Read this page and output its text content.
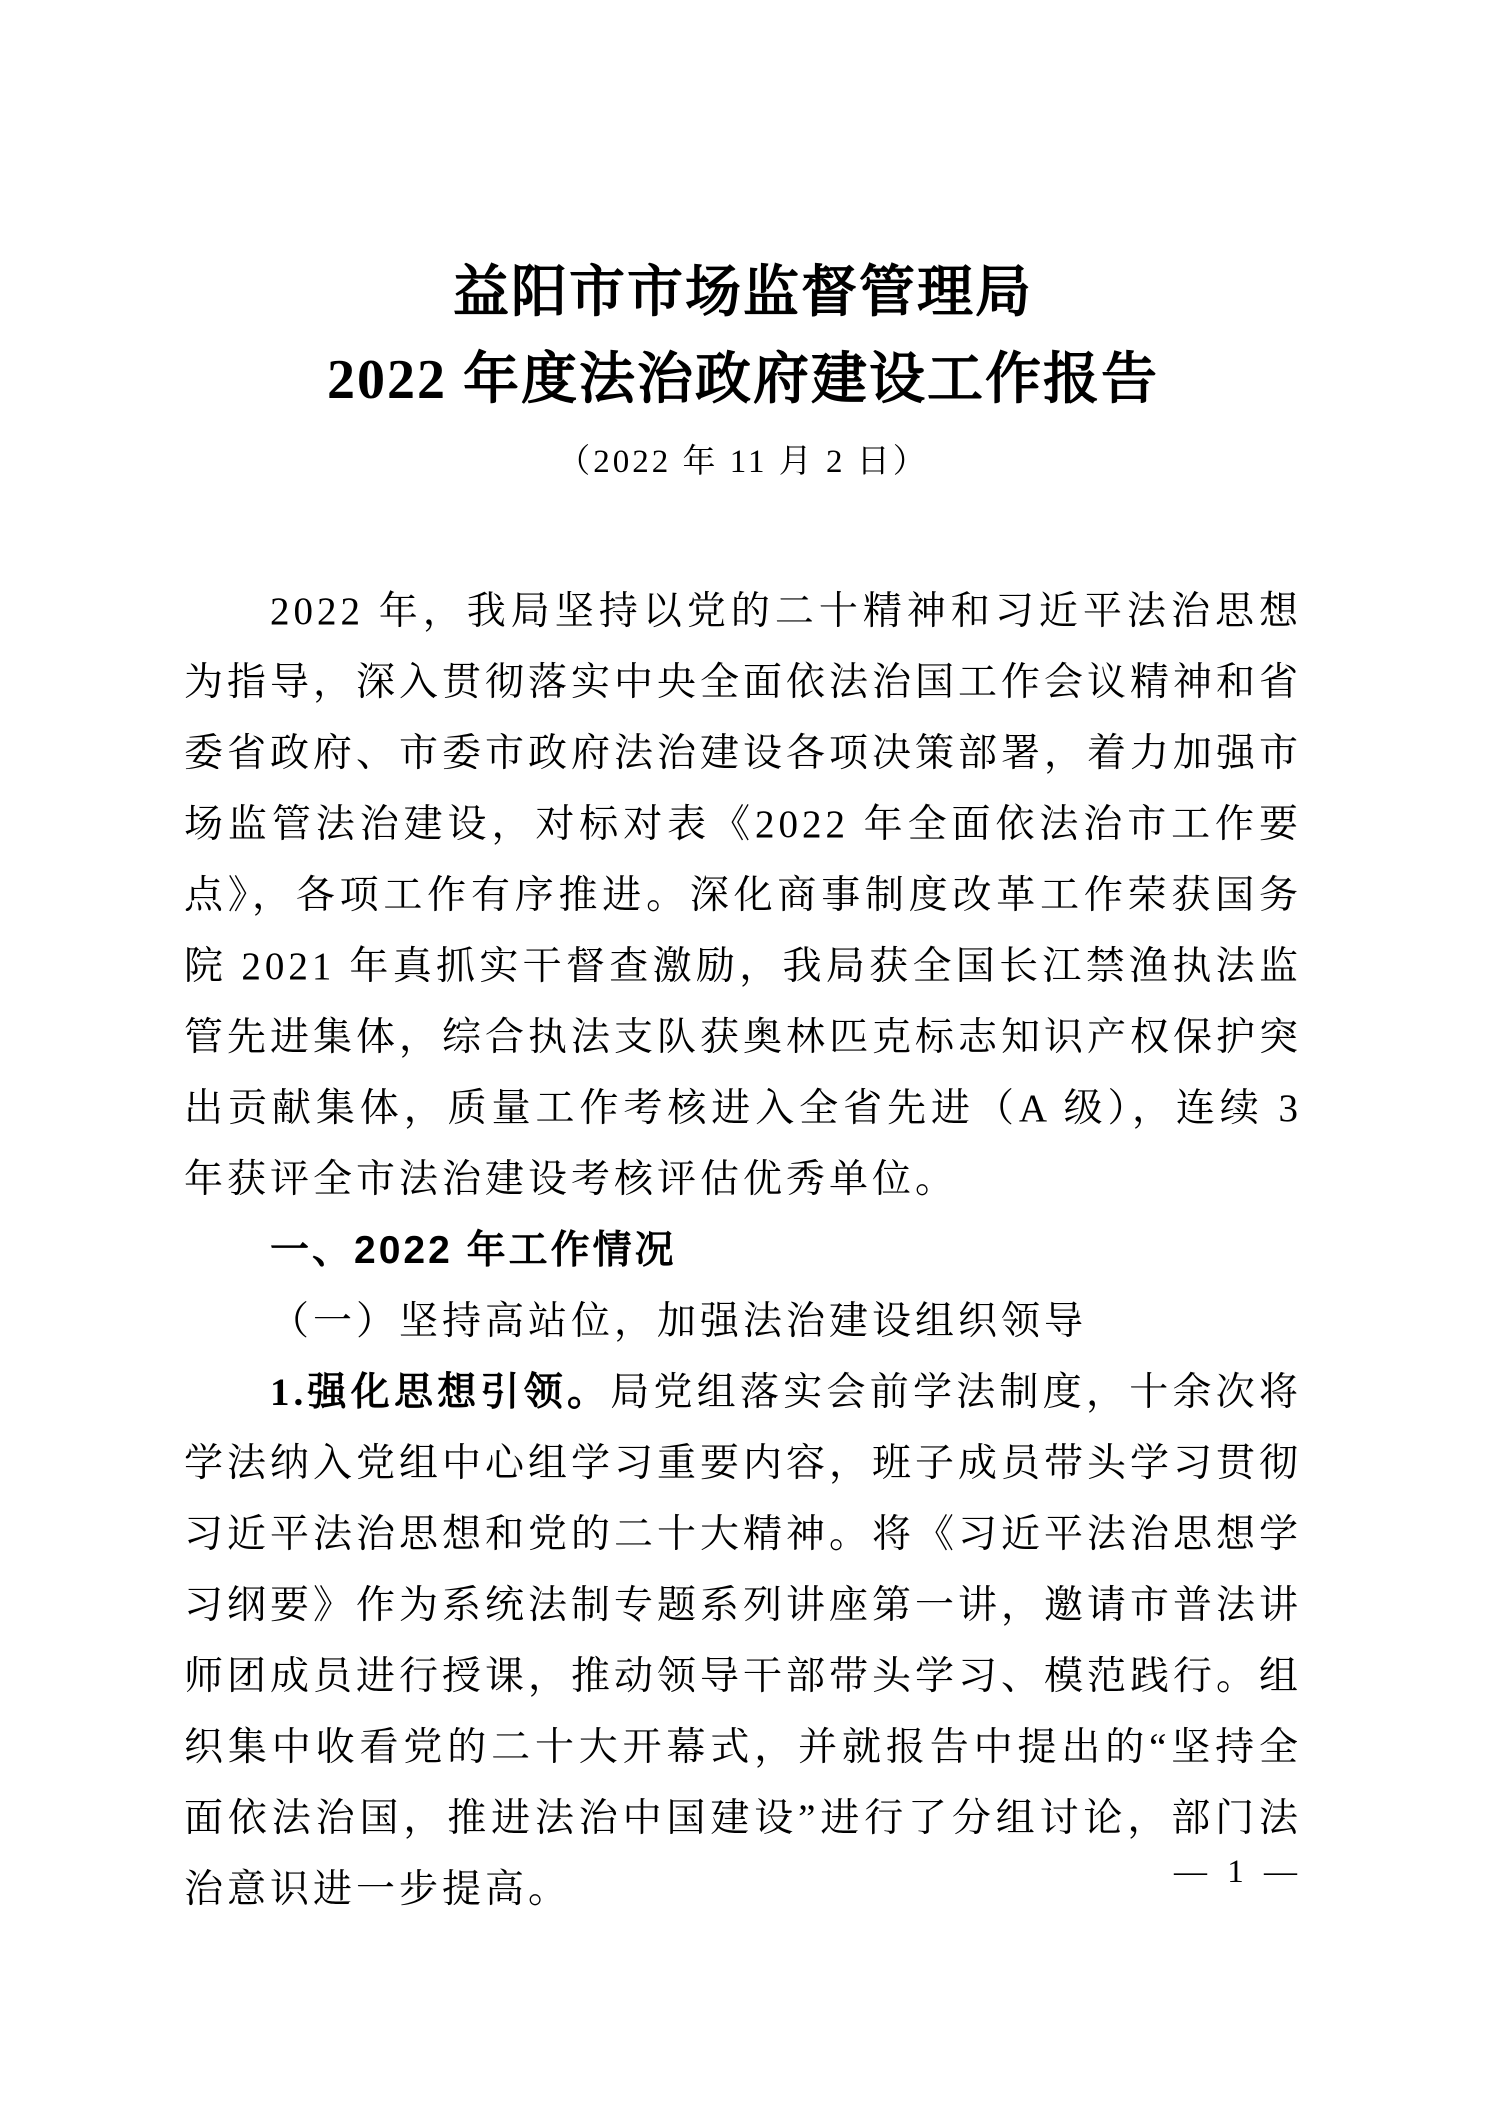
益阳市市场监督管理局
2022 年度法治政府建设工作报告
（2022 年 11 月 2 日）

2022 年，我局坚持以党的二十精神和习近平法治思想为指导，深入贯彻落实中央全面依法治国工作会议精神和省委省政府、市委市政府法治建设各项决策部署，着力加强市场监管法治建设，对标对表《2022 年全面依法治市工作要点》，各项工作有序推进。深化商事制度改革工作荣获国务院 2021 年真抓实干督查激励，我局获全国长江禁渔执法监管先进集体，综合执法支队获奥林匹克标志知识产权保护突出贡献集体，质量工作考核进入全省先进（A 级），连续 3 年获评全市法治建设考核评估优秀单位。

一、2022 年工作情况

（一）坚持高站位，加强法治建设组织领导

1.强化思想引领。局党组落实会前学法制度，十余次将学法纳入党组中心组学习重要内容，班子成员带头学习贯彻习近平法治思想和党的二十大精神。将《习近平法治思想学习纲要》作为系统法制专题系列讲座第一讲，邀请市普法讲师团成员进行授课，推动领导干部带头学习、模范践行。组织集中收看党的二十大开幕式，并就报告中提出的“坚持全面依法治国，推进法治中国建设”进行了分组讨论，部门法治意识进一步提高。	— 1 —
